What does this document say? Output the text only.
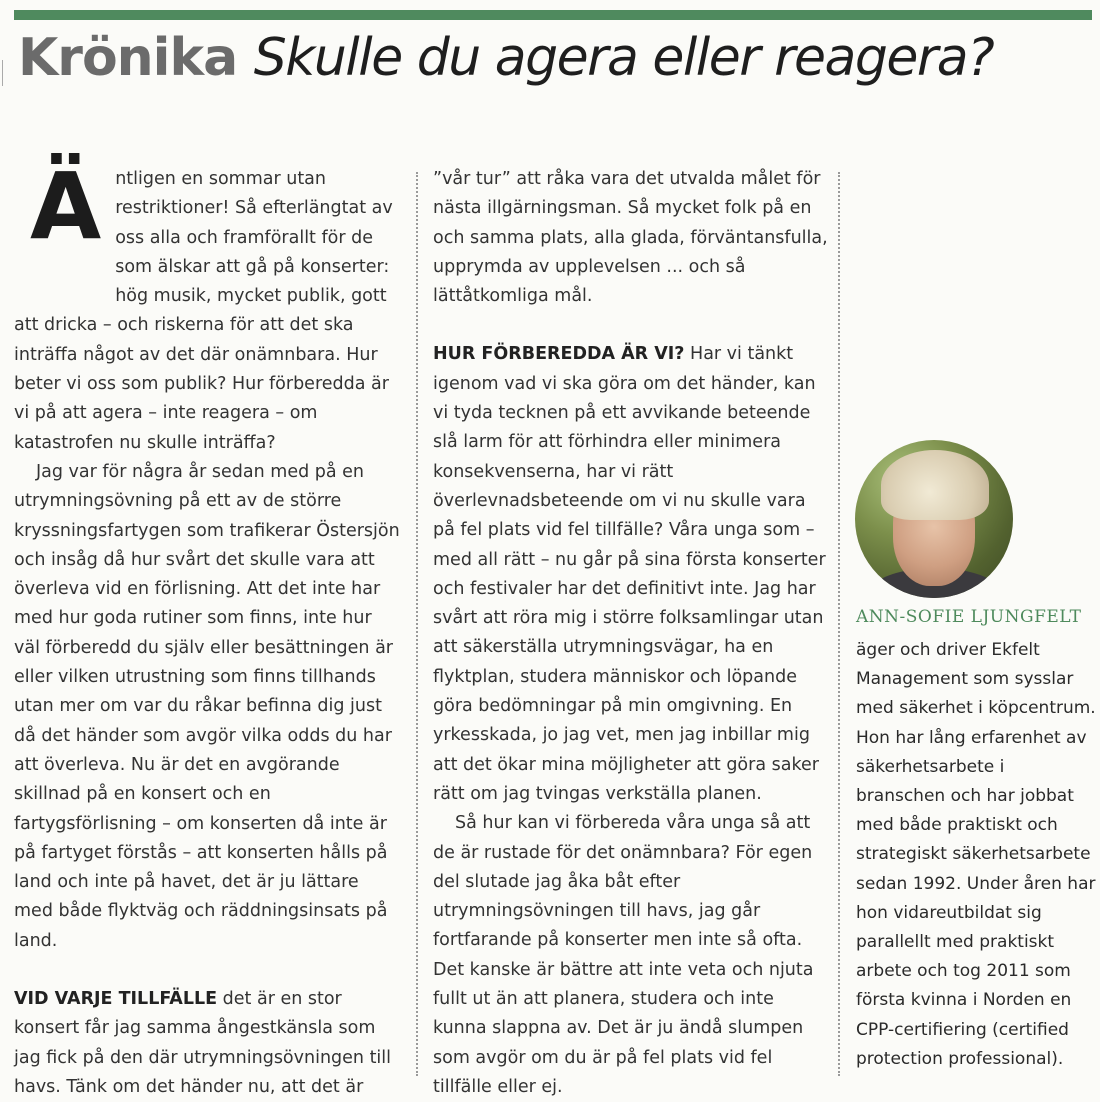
Krönika Skulle du agera eller reagera?

Äntligen en sommar utan restriktioner! Så efterlängtat av oss alla och framförallt för de som älskar att gå på konserter: hög musik, mycket publik, gott att dricka – och riskerna för att det ska inträffa något av det där onämnbara. Hur beter vi oss som publik? Hur förberedda är vi på att agera – inte reagera – om katastrofen nu skulle inträffa?

Jag var för några år sedan med på en utrymningsövning på ett av de större kryssningsfartygen som trafikerar Östersjön och insåg då hur svårt det skulle vara att överleva vid en förlisning. Att det inte har med hur goda rutiner som finns, inte hur väl förberedd du själv eller besättningen är eller vilken utrustning som finns tillhands utan mer om var du råkar befinna dig just då det händer som avgör vilka odds du har att överleva. Nu är det en avgörande skillnad på en konsert och en fartygsförlisning – om konserten då inte är på fartyget förstås – att konserten hålls på land och inte på havet, det är ju lättare med både flyktväg och räddningsinsats på land.

VID VARJE TILLFÄLLE det är en stor konsert får jag samma ångestkänsla som jag fick på den där utrymningsövningen till havs. Tänk om det händer nu, att det är

”vår tur” att råka vara det utvalda målet för nästa illgärningsman. Så mycket folk på en och samma plats, alla glada, förväntansfulla, upprymda av upplevelsen ... och så lättåtkomliga mål.

HUR FÖRBEREDDA ÄR VI? Har vi tänkt igenom vad vi ska göra om det händer, kan vi tyda tecknen på ett avvikande beteende slå larm för att förhindra eller minimera konsekvenserna, har vi rätt överlevnadsbeteende om vi nu skulle vara på fel plats vid fel tillfälle? Våra unga som – med all rätt – nu går på sina första konserter och festivaler har det definitivt inte. Jag har svårt att röra mig i större folksamlingar utan att säkerställa utrymningsvägar, ha en flyktplan, studera människor och löpande göra bedömningar på min omgivning. En yrkesskada, jo jag vet, men jag inbillar mig att det ökar mina möjligheter att göra saker rätt om jag tvingas verkställa planen.

Så hur kan vi förbereda våra unga så att de är rustade för det onämnbara? För egen del slutade jag åka båt efter utrymningsövningen till havs, jag går fortfarande på konserter men inte så ofta. Det kanske är bättre att inte veta och njuta fullt ut än att planera, studera och inte kunna slappna av. Det är ju ändå slumpen som avgör om du är på fel plats vid fel tillfälle eller ej.

ANN-SOFIE LJUNGFELT

äger och driver Ekfelt Management som sysslar med säkerhet i köpcentrum. Hon har lång erfarenhet av säkerhetsarbete i branschen och har jobbat med både praktiskt och strategiskt säkerhetsarbete sedan 1992. Under åren har hon vidareutbildat sig parallellt med praktiskt arbete och tog 2011 som första kvinna i Norden en CPP-certifiering (certified protection professional).
